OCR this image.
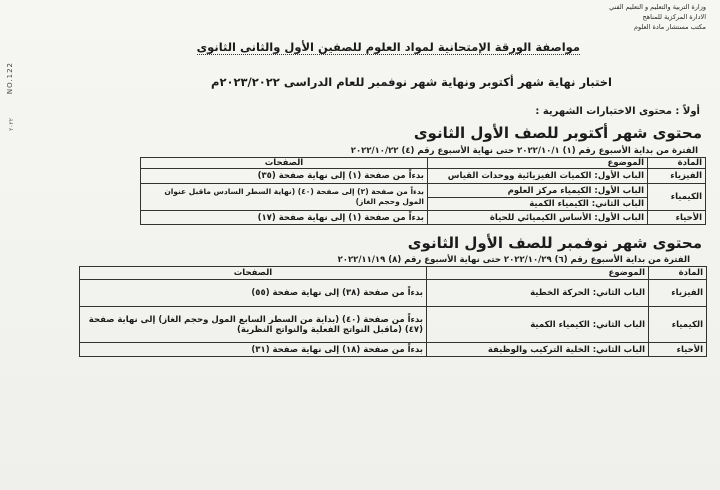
وزارة التربية والتعليم و التعليم الفني
الادارة المركزية للمناهج
مكتب مستشار مادة العلوم
NO.122
٢٠٢٢
مواصفة الورقة الإمتحانية لمواد العلوم للصفين الأول والثانى الثانوى
اختبار نهاية شهر أكتوبر ونهاية شهر نوفمبر للعام الدراسى ٢٠٢٣/٢٠٢٢م
أولاً : محتوى الاختبارات الشهرية :
محتوى شهر أكتوبر للصف الأول الثانوى
الفترة من بداية الأسبوع رقم (١) ٢٠٢٢/١٠/١ حتى نهاية الأسبوع رقم (٤) ٢٠٢٢/١٠/٢٢
المادة	الموضوع	الصفحات
الفيزياء	الباب الأول: الكميات الفيزيائية ووحدات القياس	بدءاً من صفحة (١) إلى نهاية صفحة (٣٥)
الكيمياء	الباب الأول: الكيمياء مركز العلوم	بدءاً من صفحة (٢) إلى صفحة (٤٠) (نهاية السطر السادس ماقبل عنوان المول وحجم الغاز)
	الباب الثاني: الكيمياء الكمية	
الأحياء	الباب الأول: الأساس الكيميائي للحياة	بدءاً من صفحة (١) إلى نهاية صفحة (١٧)
محتوى شهر نوفمبر للصف الأول الثانوى
الفترة من بداية الأسبوع رقم (٦) ٢٠٢٢/١٠/٢٩ حتى نهاية الأسبوع رقم (٨) ٢٠٢٢/١١/١٩
المادة	الموضوع	الصفحات
الفيزياء	الباب الثاني: الحركة الخطية	بدءاً من صفحة (٣٨) إلى نهاية صفحة (٥٥)
الكيمياء	الباب الثاني: الكيمياء الكمية	بدءاً من صفحة (٤٠) (بداية من السطر السابع المول وحجم الغاز) إلى نهاية صفحة (٤٧) (ماقبل النواتج الفعلية والنواتج النظرية)
الأحياء	الباب الثاني: الخلية التركيب والوظيفة	بدءاً من صفحة (١٨) إلى نهاية صفحة (٣١)
